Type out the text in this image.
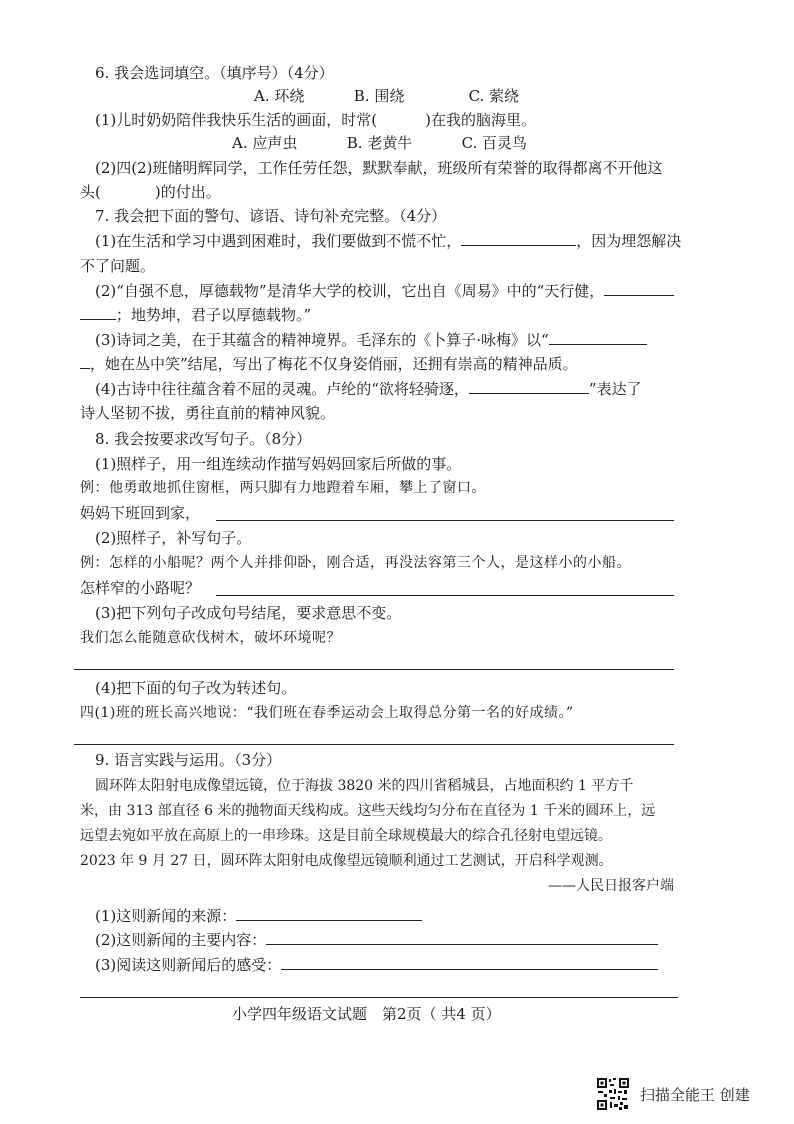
6. 我会选词填空。（填序号）（4分）
A. 环绕	B. 围绕	C. 萦绕
(1)儿时奶奶陪伴我快乐生活的画面，时常(	)在我的脑海里。
A. 应声虫	B. 老黄牛	C. 百灵鸟
(2)四(2)班储明辉同学，工作任劳任怨，默默奉献，班级所有荣誉的取得都离不开他这
头(	)的付出。
7. 我会把下面的警句、谚语、诗句补充完整。（4分）
(1)在生活和学习中遇到困难时，我们要做到不慌不忙，	，因为埋怨解决
不了问题。
(2)“自强不息，厚德载物”是清华大学的校训，它出自《周易》中的“天行健，
；地势坤，君子以厚德载物。”
(3)诗词之美，在于其蕴含的精神境界。毛泽东的《卜算子·咏梅》以“
，她在丛中笑”结尾，写出了梅花不仅身姿俏丽，还拥有崇高的精神品质。
(4)古诗中往往蕴含着不屈的灵魂。卢纶的“欲将轻骑逐，	”表达了
诗人坚韧不拔，勇往直前的精神风貌。
8. 我会按要求改写句子。（8分）
(1)照样子，用一组连续动作描写妈妈回家后所做的事。
例：他勇敢地抓住窗框，两只脚有力地蹬着车厢，攀上了窗口。
妈妈下班回到家，
(2)照样子，补写句子。
例：怎样的小船呢？两个人并排仰卧，刚合适，再没法容第三个人，是这样小的小船。
怎样窄的小路呢？
(3)把下列句子改成句号结尾，要求意思不变。
我们怎么能随意砍伐树木，破坏环境呢？
(4)把下面的句子改为转述句。
四(1)班的班长高兴地说：“我们班在春季运动会上取得总分第一名的好成绩。”
9. 语言实践与运用。（3分）
圆环阵太阳射电成像望远镜，位于海拔 3820 米的四川省稻城县，占地面积约 1 平方千
米，由 313 部直径 6 米的抛物面天线构成。这些天线均匀分布在直径为 1 千米的圆环上，远
远望去宛如平放在高原上的一串珍珠。这是目前全球规模最大的综合孔径射电望远镜。
2023 年 9 月 27 日，圆环阵太阳射电成像望远镜顺利通过工艺测试，开启科学观测。
——人民日报客户端
(1)这则新闻的来源：
(2)这则新闻的主要内容：
(3)阅读这则新闻后的感受：
小学四年级语文试题　第2页（ 共4 页）
扫描全能王 创建
